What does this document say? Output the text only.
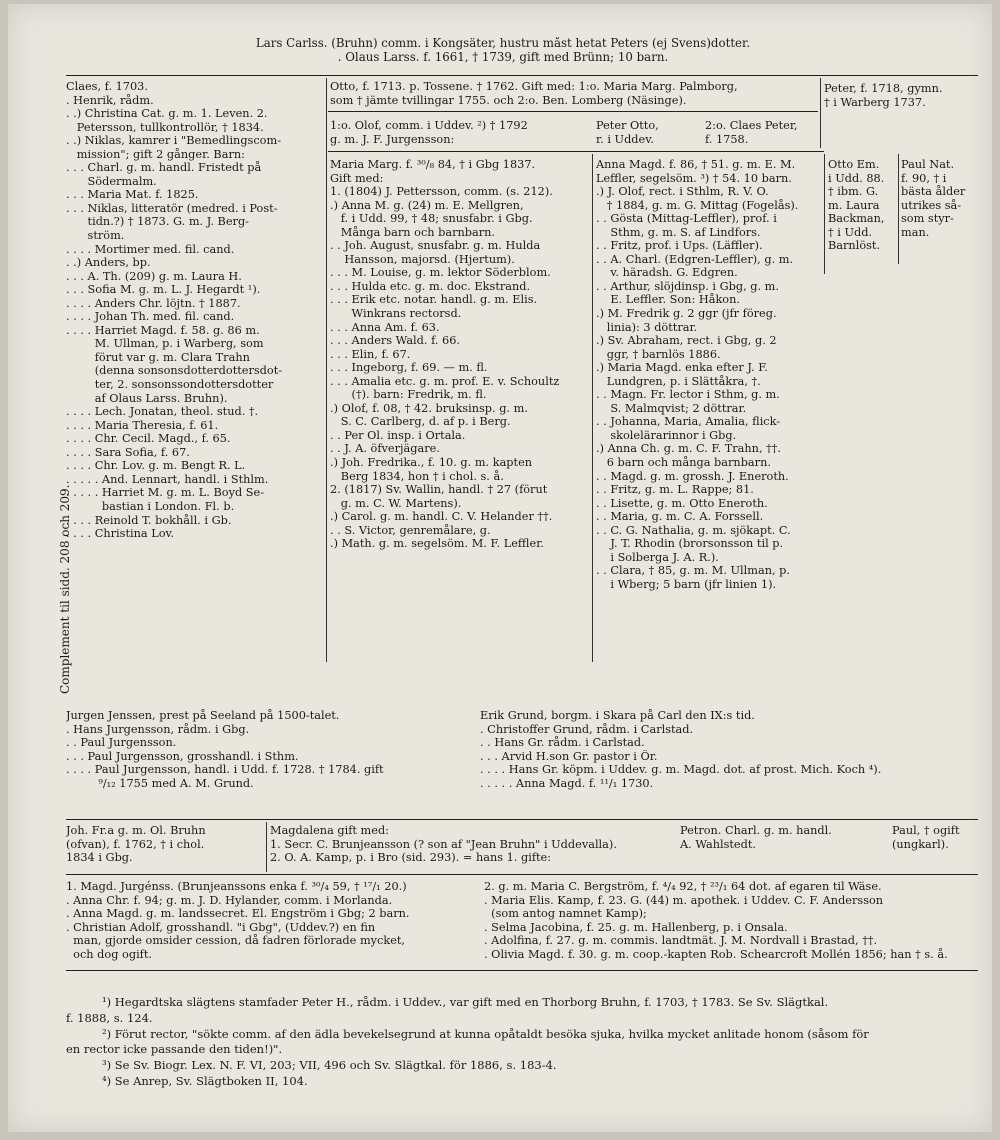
Lars Carlss. (Bruhn) comm. i Kongsäter, hustru måst hetat Peters (ej Svens)dotter.
. Olaus Larss. f. 1661, † 1739, gift med Brünn; 10 barn.
Complement til sidd. 208 och 209.
Claes, f. 1703.
. Henrik, rådm.
. .) Christina Cat. g. m. 1. Leven. 2.
Petersson, tullkontrollör, † 1834.
. .) Niklas, kamrer i "Bemedlingscom-
mission"; gift 2 gånger. Barn:
. . . Charl. g. m. handl. Fristedt på
Södermalm.
. . . Maria Mat. f. 1825.
. . . Niklas, litteratör (medred. i Post-
tidn.?) † 1873. G. m. J. Berg-
ström.
. . . . Mortimer med. fil. cand.
. .) Anders, bp.
. . . A. Th. (209) g. m. Laura H.
. . . Sofia M. g. m. L. J. Hegardt ¹).
. . . . Anders Chr. löjtn. † 1887.
. . . . Johan Th. med. fil. cand.
. . . . Harriet Magd. f. 58. g. 86 m.
M. Ullman, p. i Warberg, som
förut var g. m. Clara Trahn
(denna sonsonsdotterdottersdot-
ter, 2. sonsonssondottersdotter
af Olaus Larss. Bruhn).
. . . . Lech. Jonatan, theol. stud. †.
. . . . Maria Theresia, f. 61.
. . . . Chr. Cecil. Magd., f. 65.
. . . . Sara Sofia, f. 67.
. . . . Chr. Lov. g. m. Bengt R. L.
. . . . . And. Lennart, handl. i Sthlm.
. . . . . Harriet M. g. m. L. Boyd Se-
bastian i London. Fl. b.
. . . . Reinold T. bokhåll. i Gb.
. . . . Christina Lov.
Otto, f. 1713. p. Tossene. † 1762. Gift med: 1:o. Maria Marg. Palmborg,
som † jämte tvillingar 1755. och 2:o. Ben. Lomberg (Näsinge).
1:o. Olof, comm. i Uddev. ²) † 1792
g. m. J. F. Jurgensson:
Peter Otto,
r. i Uddev.
2:o. Claes Peter,
f. 1758.
Peter, f. 1718, gymn.
† i Warberg 1737.
Maria Marg. f. ³⁰/₈ 84, † i Gbg 1837.
Gift med:
1. (1804) J. Pettersson, comm. (s. 212).
.) Anna M. g. (24) m. E. Mellgren,
f. i Udd. 99, † 48; snusfabr. i Gbg.
Många barn och barnbarn.
. . Joh. August, snusfabr. g. m. Hulda
Hansson, majorsd. (Hjertum).
. . . M. Louise, g. m. lektor Söderblom.
. . . Hulda etc. g. m. doc. Ekstrand.
. . . Erik etc. notar. handl. g. m. Elis.
Winkrans rectorsd.
. . . Anna Am. f. 63.
. . . Anders Wald. f. 66.
. . . Elin, f. 67.
. . . Ingeborg, f. 69. — m. fl.
. . . Amalia etc. g. m. prof. E. v. Schoultz
(†). barn: Fredrik, m. fl.
.) Olof, f. 08, † 42. bruksinsp. g. m.
S. C. Carlberg, d. af p. i Berg.
. . Per Ol. insp. i Ortala.
. . J. A. öfverjägare.
.) Joh. Fredrika., f. 10. g. m. kapten
Berg 1834, hon † i chol. s. å.
2. (1817) Sv. Wallin, handl. † 27 (förut
g. m. C. W. Martens).
.) Carol. g. m. handl. C. V. Helander ††.
. . S. Victor, genremålare, g.
.) Math. g. m. segelsöm. M. F. Leffler.
Anna Magd. f. 86, † 51. g. m. E. M.
Leffler, segelsöm. ³) † 54. 10 barn.
.) J. Olof, rect. i Sthlm, R. V. O.
† 1884, g. m. G. Mittag (Fogelås).
. . Gösta (Mittag-Leffler), prof. i
Sthm, g. m. S. af Lindfors.
. . Fritz, prof. i Ups. (Läffler).
. . A. Charl. (Edgren-Leffler), g. m.
v. häradsh. G. Edgren.
. . Arthur, slöjdinsp. i Gbg, g. m.
E. Leffler. Son: Håkon.
.) M. Fredrik g. 2 ggr (jfr föreg.
linia): 3 döttrar.
.) Sv. Abraham, rect. i Gbg, g. 2
ggr, † barnlös 1886.
.) Maria Magd. enka efter J. F.
Lundgren, p. i Slättåkra, †.
. . Magn. Fr. lector i Sthm, g. m.
S. Malmqvist; 2 döttrar.
. . Johanna, Maria, Amalia, flick-
skolelärarinnor i Gbg.
.) Anna Ch. g. m. C. F. Trahn, ††.
6 barn och många barnbarn.
. . Magd. g. m. grossh. J. Eneroth.
. . Fritz, g. m. L. Rappe; 81.
. . Lisette, g. m. Otto Eneroth.
. . Maria, g. m. C. A. Forssell.
. . C. G. Nathalia, g. m. sjökapt. C.
J. T. Rhodin (brorsonsson til p.
i Solberga J. A. R.).
. . Clara, † 85, g. m. M. Ullman, p.
i Wberg; 5 barn (jfr linien 1).
Otto Em.
i Udd. 88.
† ibm. G.
m. Laura
Backman,
† i Udd.
Barnlöst.
Paul Nat.
f. 90, † i
bästa ålder
utrikes så-
som styr-
man.
Jurgen Jenssen, prest på Seeland på 1500-talet.
. Hans Jurgensson, rådm. i Gbg.
. . Paul Jurgensson.
. . . Paul Jurgensson, grosshandl. i Sthm.
. . . . Paul Jurgensson, handl. i Udd. f. 1728. † 1784. gift
⁹/₁₂ 1755 med A. M. Grund.
Erik Grund, borgm. i Skara på Carl den IX:s tid.
. Christoffer Grund, rådm. i Carlstad.
. . Hans Gr. rådm. i Carlstad.
. . . Arvid H.son Gr. pastor i Ör.
. . . . Hans Gr. köpm. i Uddev. g. m. Magd. dot. af prost. Mich. Koch ⁴).
. . . . . Anna Magd. f. ¹¹/₁ 1730.
Joh. Fr.a g. m. Ol. Bruhn
(ofvan), f. 1762, † i chol.
1834 i Gbg.
Magdalena gift med:
1. Secr. C. Brunjeansson (? son af "Jean Bruhn" i Uddevalla).
2. O. A. Kamp, p. i Bro (sid. 293). = hans 1. gifte:
Petron. Charl. g. m. handl.
A. Wahlstedt.
Paul, † ogift
(ungkarl).
1. Magd. Jurgénss. (Brunjeanssons enka f. ³⁰/₄ 59, † ¹⁷/₁ 20.)
. Anna Chr. f. 94; g. m. J. D. Hylander, comm. i Morlanda.
. Anna Magd. g. m. landssecret. El. Engström i Gbg; 2 barn.
. Christian Adolf, grosshandl. "i Gbg", (Uddev.?) en fin
man, gjorde omsider cession, då fadren förlorade mycket,
och dog ogift.
2. g. m. Maria C. Bergström, f. ⁴/₄ 92, † ²³/₁ 64 dot. af egaren til Wäse.
. Maria Elis. Kamp, f. 23. G. (44) m. apothek. i Uddev. C. F. Andersson
(som antog namnet Kamp);
. Selma Jacobina, f. 25. g. m. Hallenberg, p. i Onsala.
. Adolfina, f. 27. g. m. commis. landtmät. J. M. Nordvall i Brastad, ††.
. Olivia Magd. f. 30. g. m. coop.-kapten Rob. Schearcroft Mollén 1856; han † s. å.
¹) Hegardtska slägtens stamfader Peter H., rådm. i Uddev., var gift med en Thorborg Bruhn, f. 1703, † 1783. Se Sv. Slägtkal.
f. 1888, s. 124.
²) Förut rector, "sökte comm. af den ädla bevekelsegrund at kunna opåtaldt besöka sjuka, hvilka mycket anlitade honom (såsom för
en rector icke passande den tiden!)".
³) Se Sv. Biogr. Lex. N. F. VI, 203; VII, 496 och Sv. Slägtkal. för 1886, s. 183-4.
⁴) Se Anrep, Sv. Slägtboken II, 104.
